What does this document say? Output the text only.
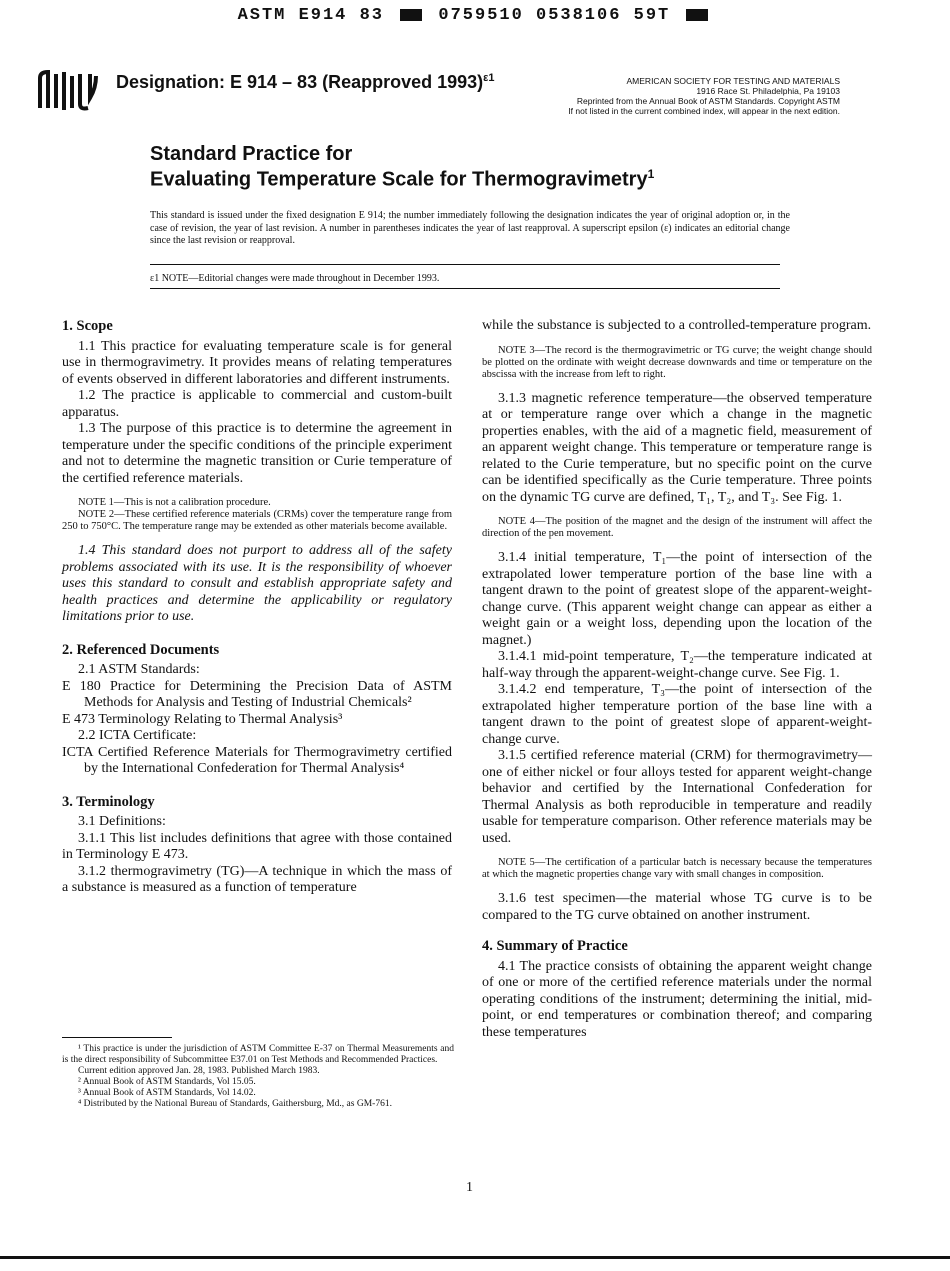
ASTM E914 83	0759510 0538106 59T
Designation: E 914 – 83 (Reapproved 1993)$^{\varepsilon 1}$	AMERICAN SOCIETY FOR TESTING AND MATERIALS
1916 Race St. Philadelphia, Pa 19103
Reprinted from the Annual Book of ASTM Standards. Copyright ASTM
If not listed in the current combined index, will appear in the next edition.
Standard Practice for
Evaluating Temperature Scale for Thermogravimetry$^1$
This standard is issued under the fixed designation E 914; the number immediately following the designation indicates the year of original adoption or, in the case of revision, the year of last revision. A number in parentheses indicates the year of last reapproval. A superscript epsilon (ε) indicates an editorial change since the last revision or reapproval.
ε1 NOTE—Editorial changes were made throughout in December 1993.

1. Scope

1.1 This practice for evaluating temperature scale is for general use in thermogravimetry. It provides means of relating temperatures of events observed in different laboratories and different instruments.

1.2 The practice is applicable to commercial and custom-built apparatus.

1.3 The purpose of this practice is to determine the agreement in temperature under the specific conditions of the principle experiment and not to determine the magnetic transition or Curie temperature of the certified reference materials.

NOTE 1—This is not a calibration procedure.

NOTE 2—These certified reference materials (CRMs) cover the temperature range from 250 to 750°C. The temperature range may be extended as other materials become available.

1.4 This standard does not purport to address all of the safety problems associated with its use. It is the responsibility of whoever uses this standard to consult and establish appropriate safety and health practices and determine the applicability or regulatory limitations prior to use.

2. Referenced Documents

2.1 ASTM Standards:

E 180 Practice for Determining the Precision Data of ASTM Methods for Analysis and Testing of Industrial Chemicals²

E 473 Terminology Relating to Thermal Analysis³

2.2 ICTA Certificate:

ICTA Certified Reference Materials for Thermogravimetry certified by the International Confederation for Thermal Analysis⁴

3. Terminology

3.1 Definitions:

3.1.1 This list includes definitions that agree with those contained in Terminology E 473.

3.1.2 thermogravimetry (TG)—A technique in which the mass of a substance is measured as a function of temperature

¹ This practice is under the jurisdiction of ASTM Committee E-37 on Thermal Measurements and is the direct responsibility of Subcommittee E37.01 on Test Methods and Recommended Practices.

Current edition approved Jan. 28, 1983. Published March 1983.

² Annual Book of ASTM Standards, Vol 15.05.

³ Annual Book of ASTM Standards, Vol 14.02.

⁴ Distributed by the National Bureau of Standards, Gaithersburg, Md., as GM-761.

while the substance is subjected to a controlled-temperature program.

NOTE 3—The record is the thermogravimetric or TG curve; the weight change should be plotted on the ordinate with weight decrease downwards and time or temperature on the abscissa with the increase from left to right.

3.1.3 magnetic reference temperature—the observed temperature at or temperature range over which a change in the magnetic properties enables, with the aid of a magnetic field, measurement of an apparent weight change. This temperature or temperature range is related to the Curie temperature, but no specific point on the curve can be identified specifically as the Curie temperature. Three points on the dynamic TG curve are defined, T₁, T₂, and T₃. See Fig. 1.

NOTE 4—The position of the magnet and the design of the instrument will affect the direction of the pen movement.

3.1.4 initial temperature, T₁—the point of intersection of the extrapolated lower temperature portion of the base line with a tangent drawn to the point of greatest slope of the apparent-weight-change curve. (This apparent weight change can appear as either a weight gain or a weight loss, depending upon the location of the magnet.)

3.1.4.1 mid-point temperature, T₂—the temperature indicated at half-way through the apparent-weight-change curve. See Fig. 1.

3.1.4.2 end temperature, T₃—the point of intersection of the extrapolated higher temperature portion of the base line with a tangent drawn to the point of greatest slope of apparent-weight-change curve.

3.1.5 certified reference material (CRM) for thermogravimetry—one of either nickel or four alloys tested for apparent weight-change behavior and certified by the International Confederation for Thermal Analysis as both reproducible in temperature and readily usable for temperature comparison. Other reference materials may be used.

NOTE 5—The certification of a particular batch is necessary because the temperatures at which the magnetic properties change vary with small changes in composition.

3.1.6 test specimen—the material whose TG curve is to be compared to the TG curve obtained on another instrument.

4. Summary of Practice

4.1 The practice consists of obtaining the apparent weight change of one or more of the certified reference materials under the normal operating conditions of the instrument; determining the initial, mid-point, or end temperatures or combination thereof; and comparing these temperatures

1
